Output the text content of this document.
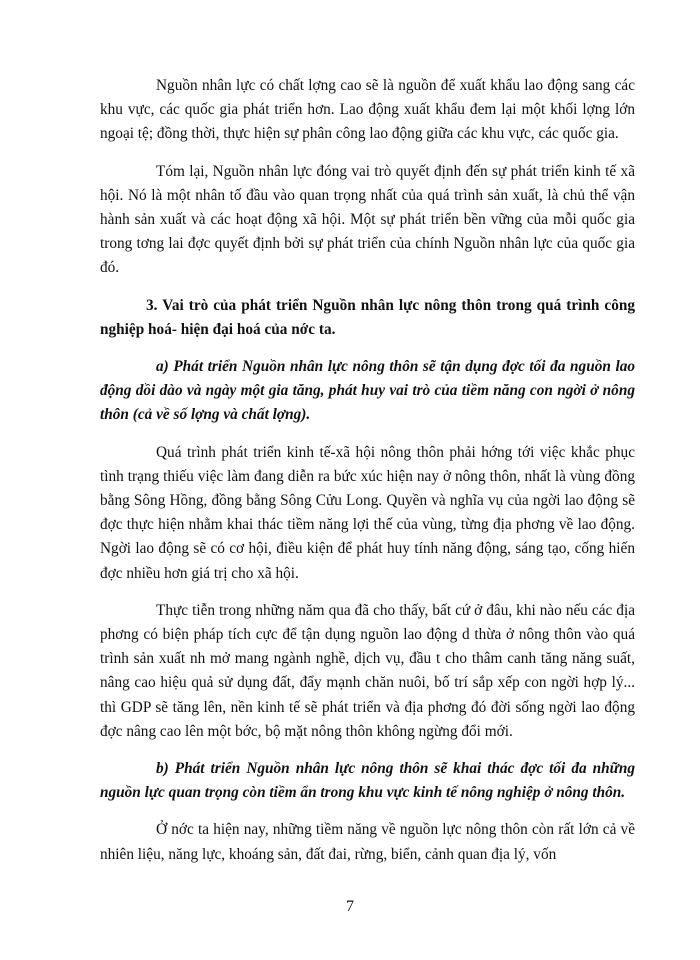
Nguồn nhân lực có chất lợng cao sẽ là nguồn để xuất khẩu lao động sang các khu vực, các quốc gia phát triển hơn. Lao động xuất khẩu đem lại một khối lợng lớn ngoại tệ; đồng thời, thực hiện sự phân công lao động giữa các khu vực, các quốc gia.

Tóm lại, Nguồn nhân lực đóng vai trò quyết định đến sự phát triển kinh tế xã hội. Nó là một nhân tố đầu vào quan trọng nhất của quá trình sản xuất, là chủ thể vận hành sản xuất và các hoạt động xã hội. Một sự phát triển bền vững của mỗi quốc gia trong tơng lai đợc quyết định bởi sự phát triển của chính Nguồn nhân lực của quốc gia đó.

3. Vai trò của phát triển Nguồn nhân lực nông thôn trong quá trình công nghiệp hoá- hiện đại hoá của nớc ta.

a) Phát triển Nguồn nhân lực nông thôn sẽ tận dụng đợc tối đa nguồn lao động dồi dào và ngày một gia tăng, phát huy vai trò của tiềm năng con ngời ở nông thôn (cả về số lợng và chất lợng).

Quá trình phát triển kinh tế-xã hội nông thôn phải hớng tới việc khắc phục tình trạng thiếu việc làm đang diễn ra bức xúc hiện nay ở nông thôn, nhất là vùng đồng bằng Sông Hồng, đồng bằng Sông Cửu Long. Quyền và nghĩa vụ của ngời lao động sẽ đợc thực hiện nhằm khai thác tiềm năng lợi thế của vùng, từng địa phơng về lao động. Ngời lao động sẽ có cơ hội, điều kiện để phát huy tính năng động, sáng tạo, cống hiến đợc nhiều hơn giá trị cho xã hội.

Thực tiễn trong những năm qua đã cho thấy, bất cứ ở đâu, khi nào nếu các địa phơng có biện pháp tích cực để tận dụng nguồn lao động d thừa ở nông thôn vào quá trình sản xuất nh mở mang ngành nghề, dịch vụ, đầu t cho thâm canh tăng năng suất, nâng cao hiệu quả sử dụng đất, đẩy mạnh chăn nuôi, bố trí sắp xếp con ngời hợp lý... thì GDP sẽ tăng lên, nền kinh tế sẽ phát triển và địa phơng đó đời sống ngời lao động đợc nâng cao lên một bớc, bộ mặt nông thôn không ngừng đổi mới.

b) Phát triển Nguồn nhân lực nông thôn sẽ khai thác đợc tối đa những nguồn lực quan trọng còn tiềm ẩn trong khu vực kinh tế nông nghiệp ở nông thôn.

Ở nớc ta hiện nay, những tiềm năng về nguồn lực nông thôn còn rất lớn cả về nhiên liệu, năng lực, khoáng sản, đất đai, rừng, biển, cảnh quan địa lý, vốn

7
